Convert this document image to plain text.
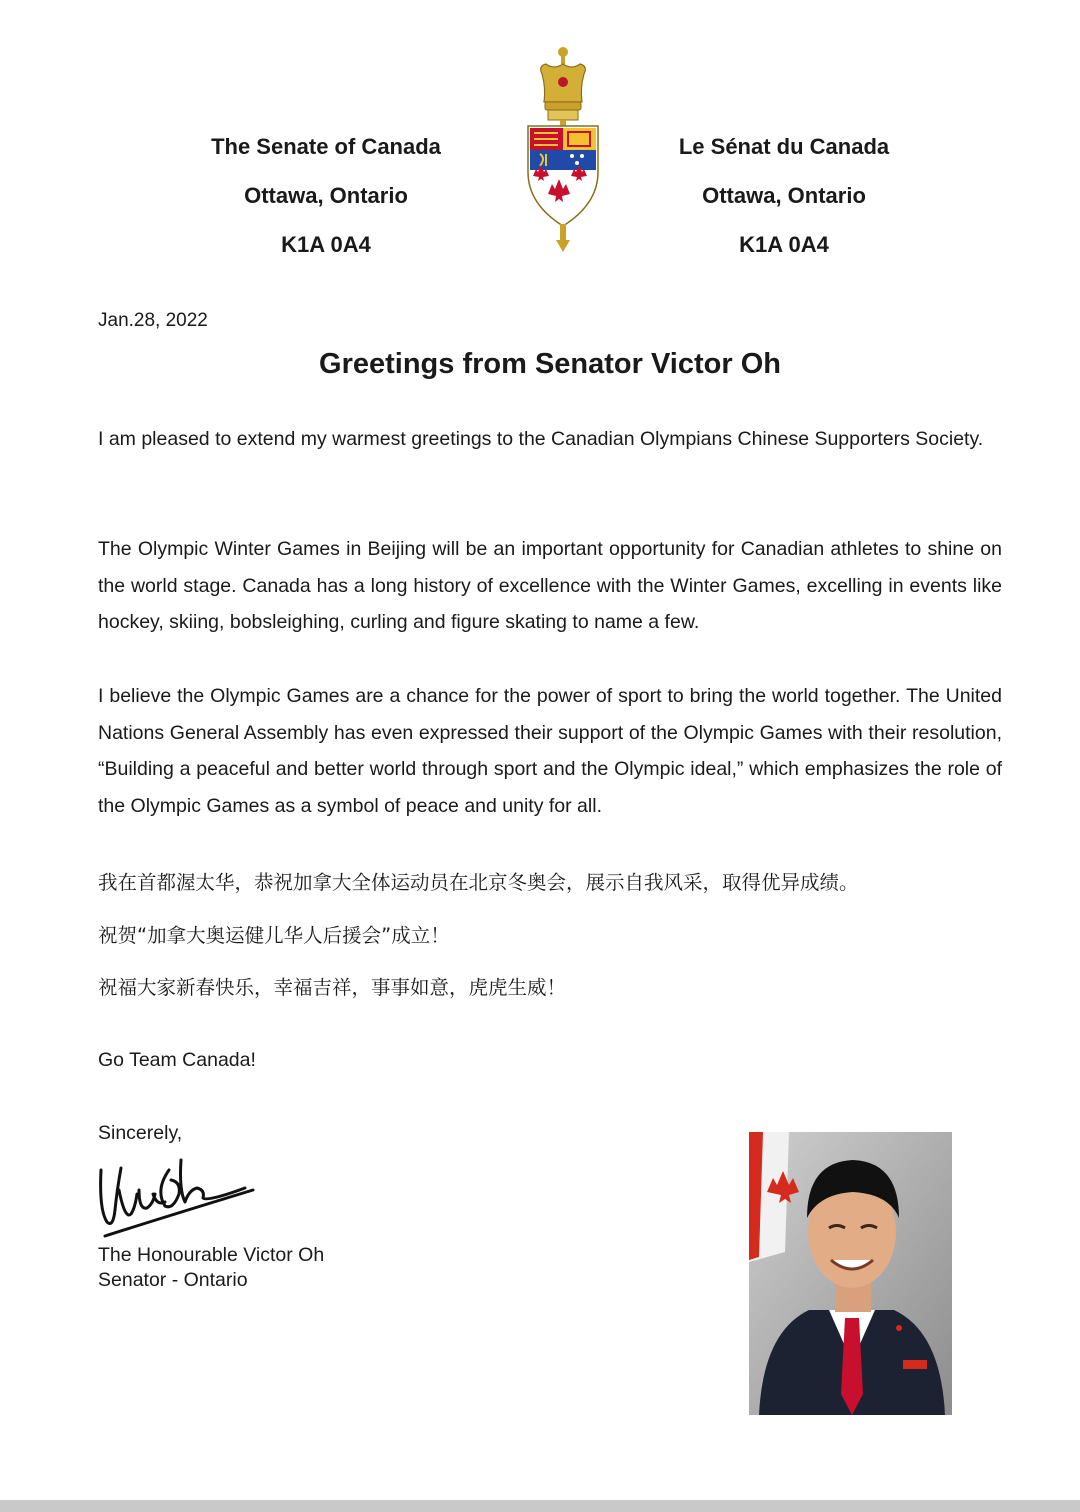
The Senate of Canada
Ottawa, Ontario
K1A 0A4
Le Sénat du Canada
Ottawa, Ontario
K1A 0A4
Jan.28, 2022
Greetings from Senator Victor Oh

I am pleased to extend my warmest greetings to the Canadian Olympians Chinese Supporters Society.

The Olympic Winter Games in Beijing will be an important opportunity for Canadian athletes to shine on the world stage. Canada has a long history of excellence with the Winter Games, excelling in events like hockey, skiing, bobsleighing, curling and figure skating to name a few.

I believe the Olympic Games are a chance for the power of sport to bring the world together. The United Nations General Assembly has even expressed their support of the Olympic Games with their resolution, “Building a peaceful and better world through sport and the Olympic ideal,” which emphasizes the role of the Olympic Games as a symbol of peace and unity for all.

我在首都渥太华，恭祝加拿大全体运动员在北京冬奥会，展示自我风采，取得优异成绩。
祝贺“加拿大奥运健儿华人后援会”成立！
祝福大家新春快乐，幸福吉祥，事事如意，虎虎生威！
Go Team Canada!
Sincerely,
The Honourable Victor Oh
Senator - Ontario
